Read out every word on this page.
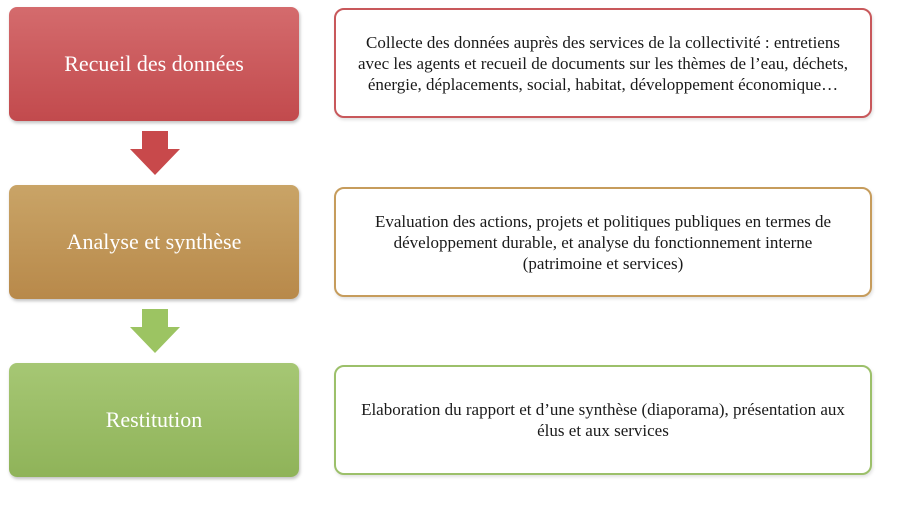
Recueil des données
Collecte des données auprès des services de la collectivité : entretiens avec les agents et recueil de documents sur les thèmes de l’eau, déchets, énergie, déplacements, social, habitat, développement économique…
Analyse et synthèse
Evaluation des actions, projets et politiques publiques en termes de développement durable, et analyse du fonctionnement interne (patrimoine et services)
Restitution	Elaboration du rapport et d’une synthèse (diaporama), présentation aux élus et aux services
